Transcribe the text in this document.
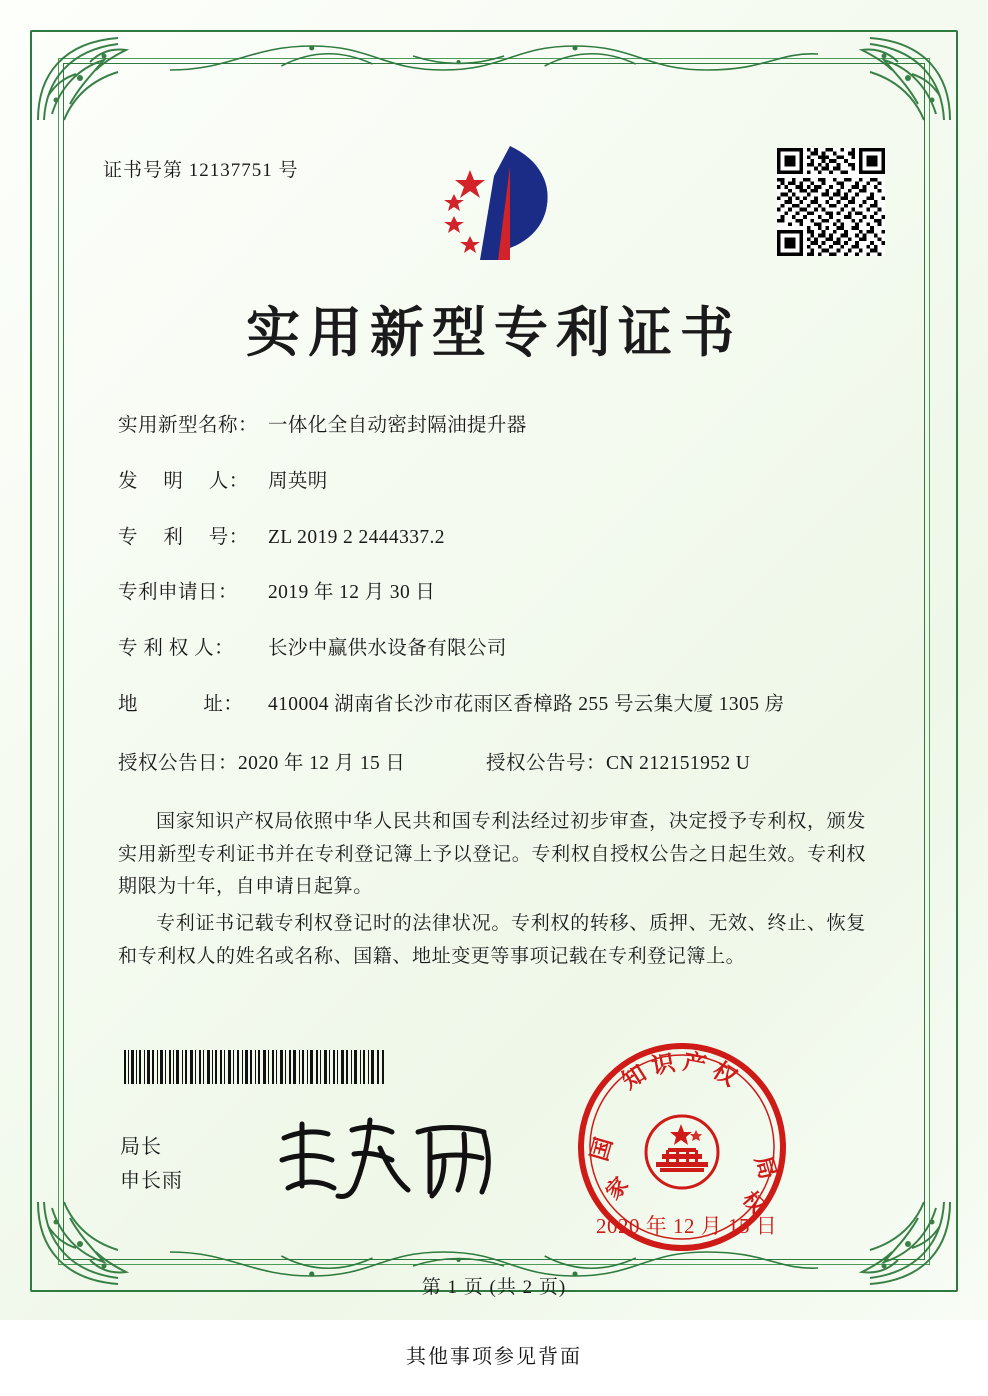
证书号第 12137751 号
实用新型专利证书
实用新型名称： 一体化全自动密封隔油提升器
发　 明　 人： 周英明
专　 利　 号： ZL 2019 2 2444337.2
专利申请日：	2019 年 12 月 30 日
专 利 权 人：	长沙中赢供水设备有限公司
地　　　 址：	410004 湖南省长沙市花雨区香樟路 255 号云集大厦 1305 房
授权公告日：2020 年 12 月 15 日	授权公告号：CN 212151952 U

国家知识产权局依照中华人民共和国专利法经过初步审查，决定授予专利权，颁发实用新型专利证书并在专利登记簿上予以登记。专利权自授权公告之日起生效。专利权期限为十年，自申请日起算。

专利证书记载专利权登记时的法律状况。专利权的转移、质押、无效、终止、恢复和专利权人的姓名或名称、国籍、地址变更等事项记载在专利登记簿上。

局长
申长雨
知识产权
国
局
家	权
2020 年 12 月 15 日
第 1 页 (共 2 页)
其他事项参见背面
